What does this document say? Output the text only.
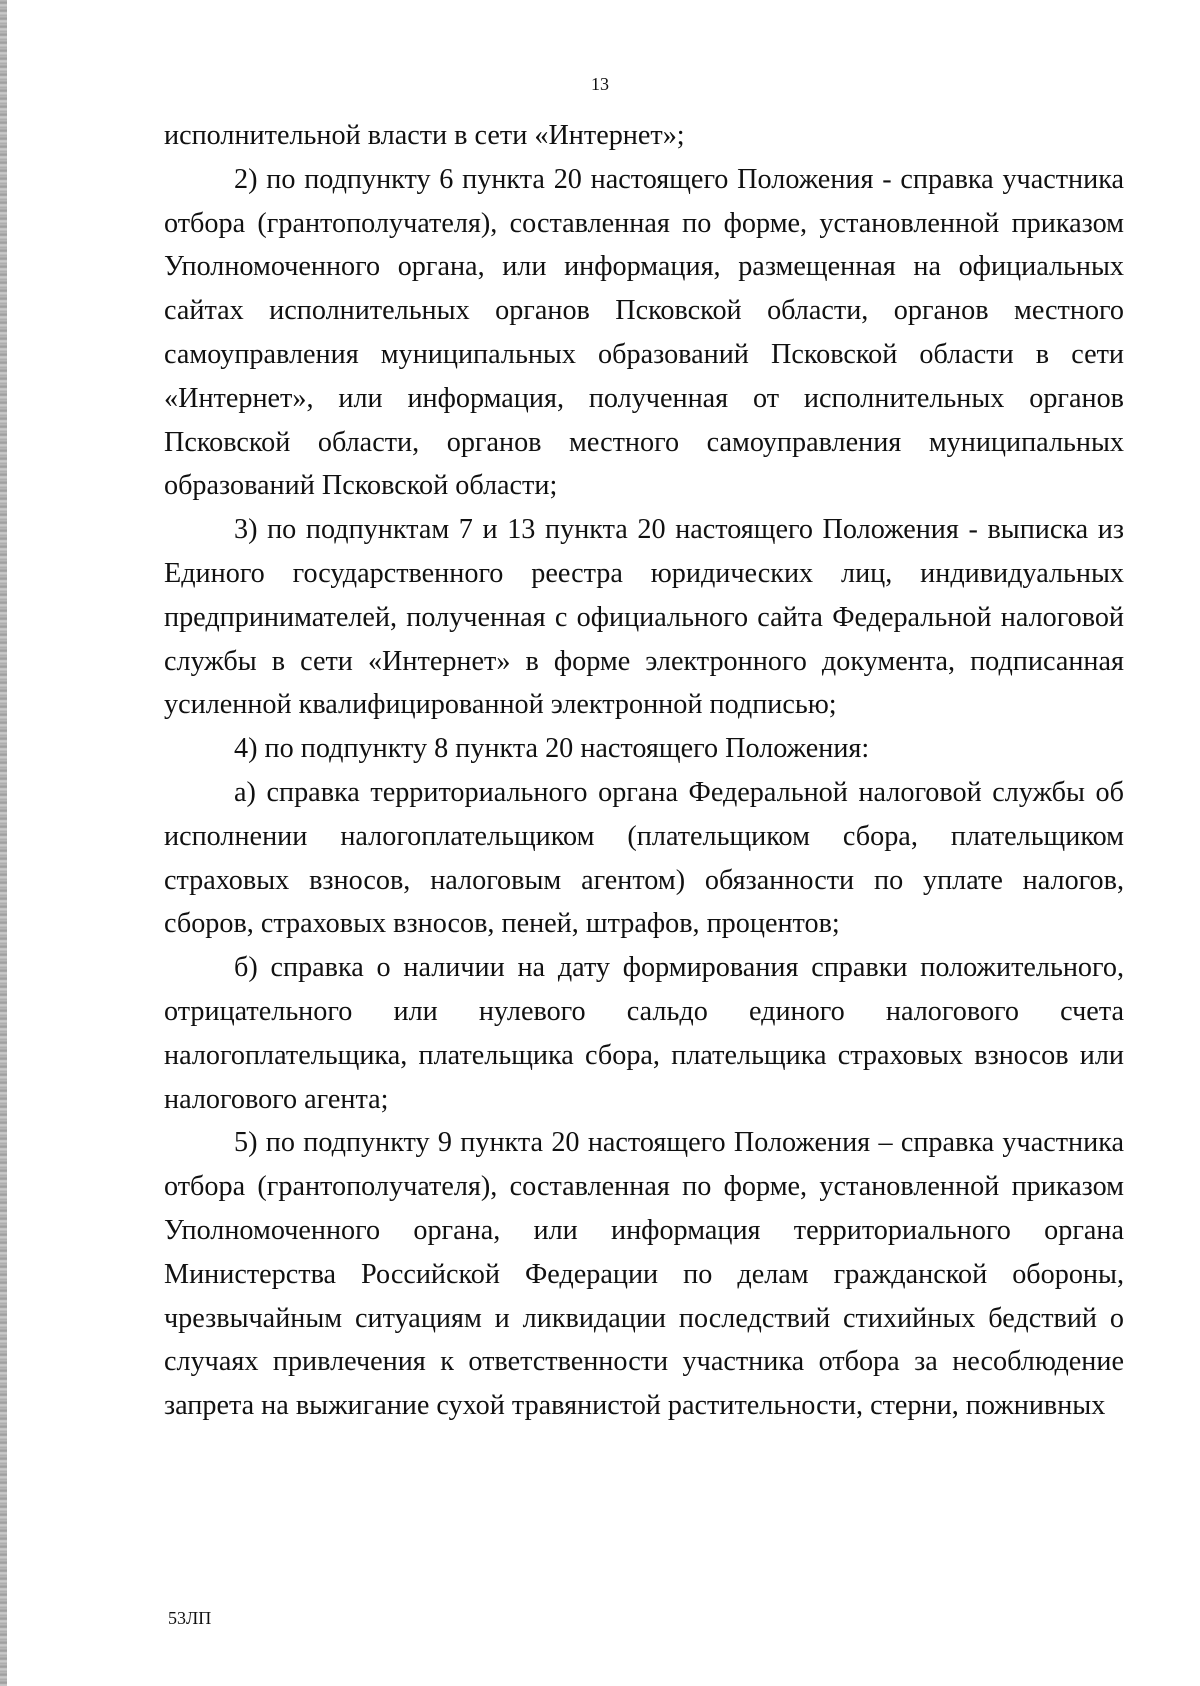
13

исполнительной власти в сети «Интернет»;

2) по подпункту 6 пункта 20 настоящего Положения - справка участника отбора (грантополучателя), составленная по форме, установленной приказом Уполномоченного органа, или информация, размещенная на официальных сайтах исполнительных органов Псковской области, органов местного самоуправления муниципальных образований Псковской области в сети «Интернет», или информация, полученная от исполнительных органов Псковской области, органов местного самоуправления муниципальных образований Псковской области;

3) по подпунктам 7 и 13 пункта 20 настоящего Положения - выписка из Единого государственного реестра юридических лиц, индивидуальных предпринимателей, полученная с официального сайта Федеральной налоговой службы в сети «Интернет» в форме электронного документа, подписанная усиленной квалифицированной электронной подписью;

4) по подпункту 8 пункта 20 настоящего Положения:

а) справка территориального органа Федеральной налоговой службы об исполнении налогоплательщиком (плательщиком сбора, плательщиком страховых взносов, налоговым агентом) обязанности по уплате налогов, сборов, страховых взносов, пеней, штрафов, процентов;

б) справка о наличии на дату формирования справки положительного, отрицательного или нулевого сальдо единого налогового счета налогоплательщика, плательщика сбора, плательщика страховых взносов или налогового агента;

5) по подпункту 9 пункта 20 настоящего Положения – справка участника отбора (грантополучателя), составленная по форме, установленной приказом Уполномоченного органа, или информация территориального органа Министерства Российской Федерации по делам гражданской обороны, чрезвычайным ситуациям и ликвидации последствий стихийных бедствий о случаях привлечения к ответственности участника отбора за несоблюдение запрета на выжигание сухой травянистой растительности, стерни, пожнивных

53ЛП
